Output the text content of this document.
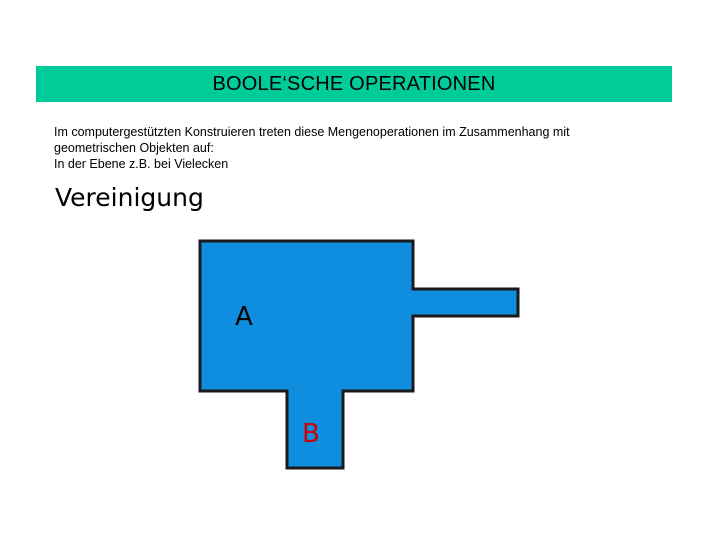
BOOLE‘SCHE OPERATIONEN
Im computergestützten Konstruieren treten diese Mengenoperationen im Zusammenhang mit
geometrischen Objekten auf:
In der Ebene z.B. bei Vielecken
Vereinigung
A
B
